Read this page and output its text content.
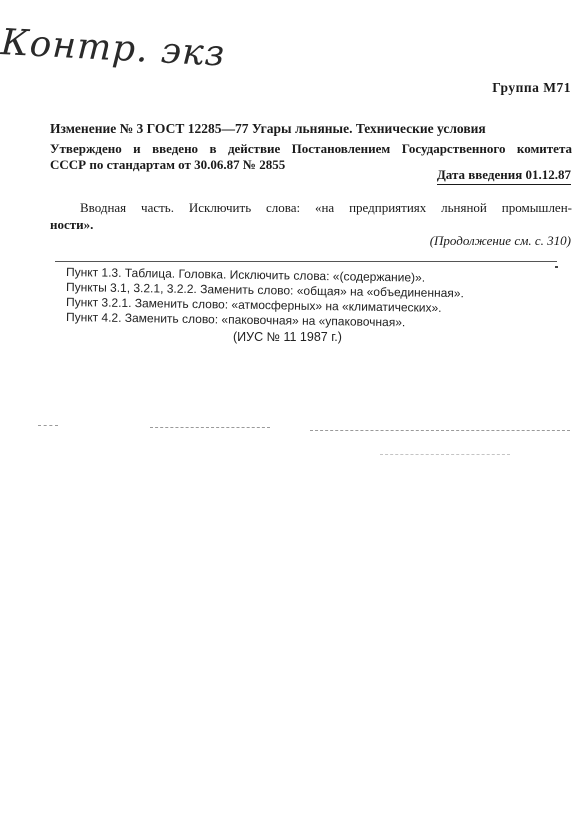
Контр. экз
Группа М71
Изменение № 3 ГОСТ 12285—77 Угары льняные. Технические условия
Утверждено и введено в действие Постановлением Государственного комитета
СССР по стандартам от 30.06.87 № 2855
Дата введения 01.12.87

Вводная часть. Исключить слова: «на предприятиях льняной промышлен-

ности».

(Продолжение см. с. 310)

Пункт 1.3. Таблица. Головка. Исключить слова: «(содержание)».

Пункты 3.1, 3.2.1, 3.2.2. Заменить слово: «общая» на «объединенная».

Пункт 3.2.1. Заменить слово: «атмосферных» на «климатических».

Пункт 4.2. Заменить слово: «паковочная» на «упаковочная».

(ИУС № 11 1987 г.)
